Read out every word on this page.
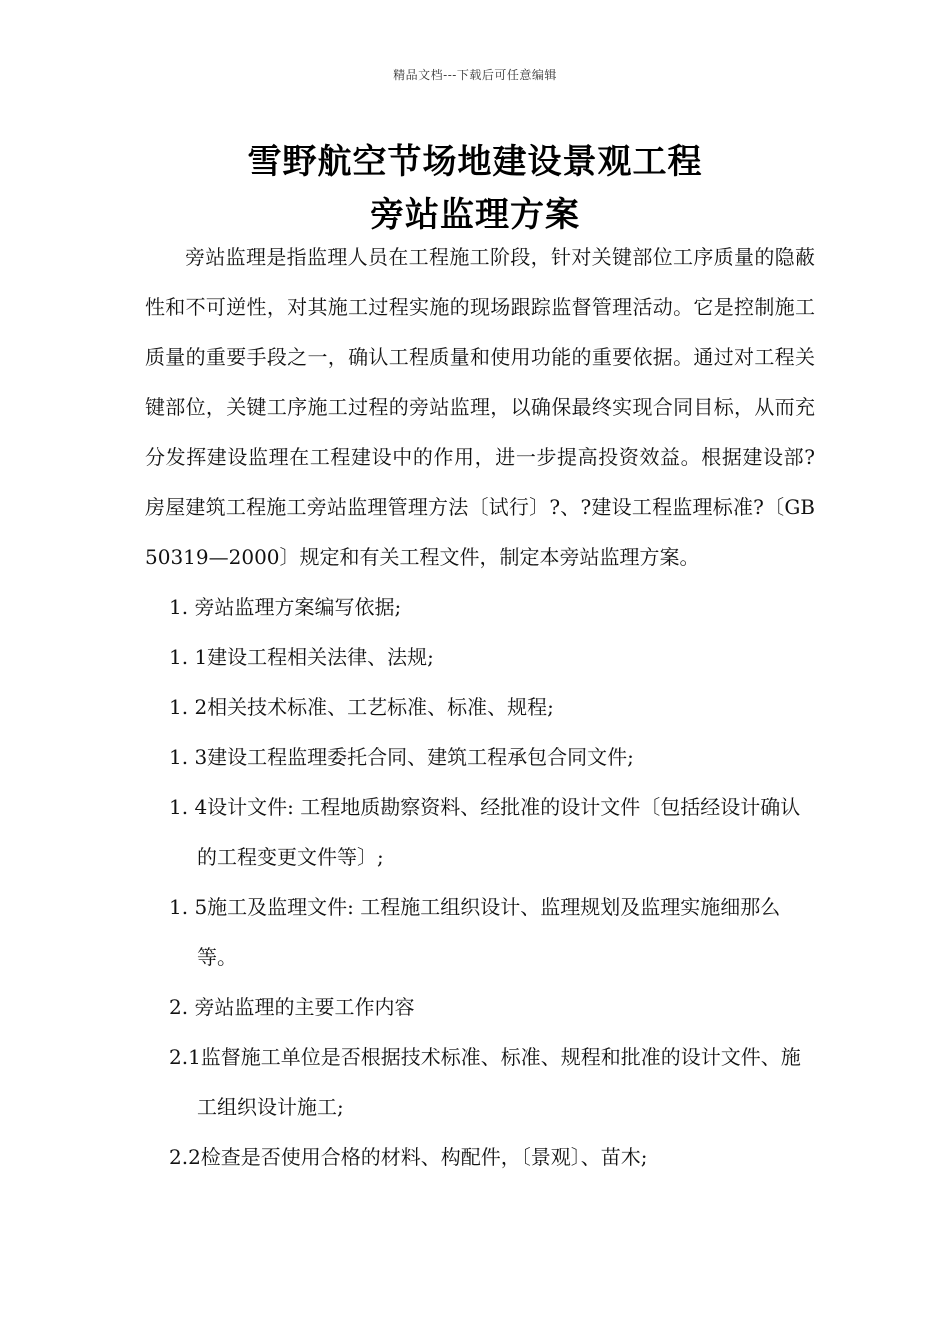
精品文档---下载后可任意编辑
雪野航空节场地建设景观工程
旁站监理方案

旁站监理是指监理人员在工程施工阶段，针对关键部位工序质量的隐蔽性和不可逆性，对其施工过程实施的现场跟踪监督管理活动。它是控制施工质量的重要手段之一，确认工程质量和使用功能的重要依据。通过对工程关键部位，关键工序施工过程的旁站监理，以确保最终实现合同目标，从而充分发挥建设监理在工程建设中的作用，进一步提高投资效益。根据建设部?房屋建筑工程施工旁站监理管理方法〔试行〕?、?建设工程监理标准?〔GB50319—2000〕规定和有关工程文件，制定本旁站监理方案。

1. 旁站监理方案编写依据;

1. 1建设工程相关法律、法规;

1. 2相关技术标准、工艺标准、标准、规程;

1. 3建设工程监理委托合同、建筑工程承包合同文件;

1. 4设计文件: 工程地质勘察资料、经批准的设计文件〔包括经设计确认的工程变更文件等〕;

1. 5施工及监理文件: 工程施工组织设计、监理规划及监理实施细那么等。

2. 旁站监理的主要工作内容

2.1监督施工单位是否根据技术标准、标准、规程和批准的设计文件、施工组织设计施工;

2.2检查是否使用合格的材料、构配件，〔景观〕、苗木;
